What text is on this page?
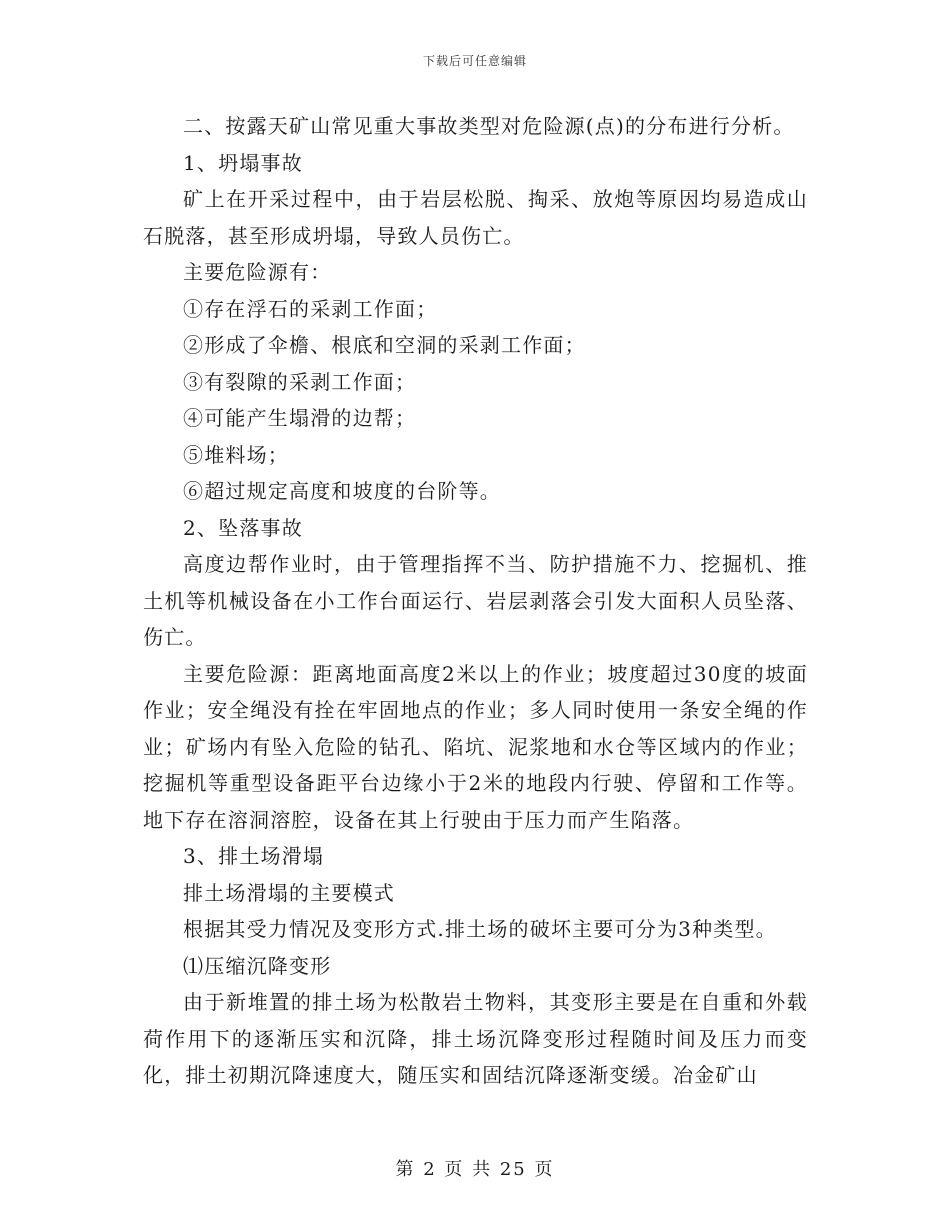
下载后可任意编辑

二、按露天矿山常见重大事故类型对危险源(点)的分布进行分析。

1、坍塌事故

矿上在开采过程中，由于岩层松脱、掏采、放炮等原因均易造成山石脱落，甚至形成坍塌，导致人员伤亡。

主要危险源有：

①存在浮石的采剥工作面；

②形成了伞檐、根底和空洞的采剥工作面；

③有裂隙的采剥工作面；

④可能产生塌滑的边帮；

⑤堆料场；

⑥超过规定高度和坡度的台阶等。

2、坠落事故

高度边帮作业时，由于管理指挥不当、防护措施不力、挖掘机、推土机等机械设备在小工作台面运行、岩层剥落会引发大面积人员坠落、伤亡。

主要危险源：距离地面高度2米以上的作业；坡度超过30度的坡面作业；安全绳没有拴在牢固地点的作业；多人同时使用一条安全绳的作业；矿场内有坠入危险的钻孔、陷坑、泥浆地和水仓等区域内的作业；挖掘机等重型设备距平台边缘小于2米的地段内行驶、停留和工作等。地下存在溶洞溶腔，设备在其上行驶由于压力而产生陷落。

3、排土场滑塌

排土场滑塌的主要模式

根据其受力情况及变形方式.排土场的破坏主要可分为3种类型。

⑴压缩沉降变形

由于新堆置的排土场为松散岩土物料，其变形主要是在自重和外载荷作用下的逐渐压实和沉降，排土场沉降变形过程随时间及压力而变化，排土初期沉降速度大，随压实和固结沉降逐渐变缓。冶金矿山

第 2 页 共 25 页
